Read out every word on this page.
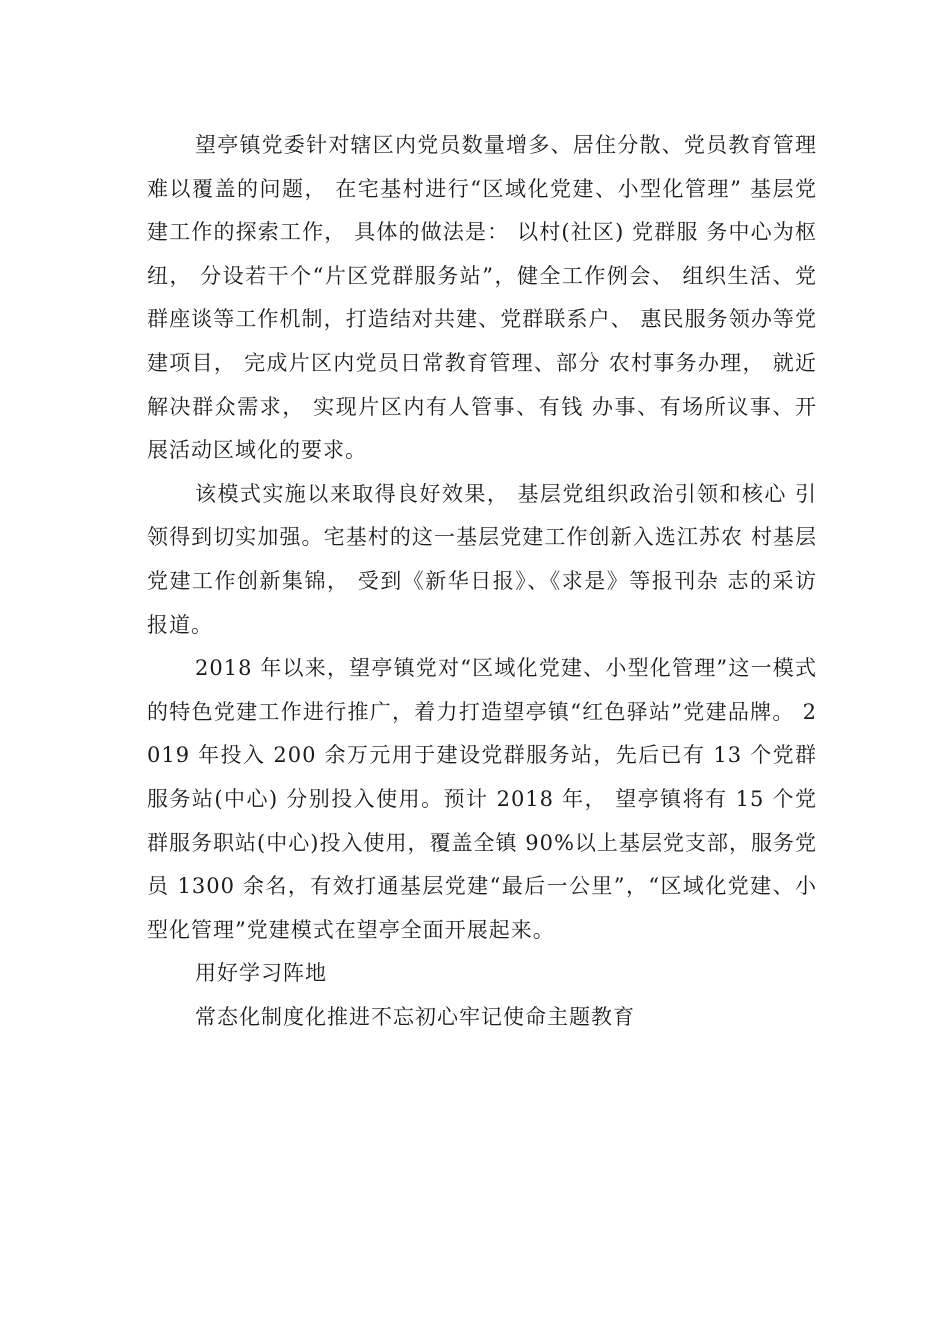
望亭镇党委针对辖区内党员数量增多、居住分散、党员教育管理难以覆盖的问题， 在宅基村进行“区域化党建、小型化管理” 基层党建工作的探索工作， 具体的做法是： 以村(社区) 党群服 务中心为枢纽， 分设若干个“片区党群服务站”，健全工作例会、 组织生活、党群座谈等工作机制，打造结对共建、党群联系户、 惠民服务领办等党建项目， 完成片区内党员日常教育管理、部分 农村事务办理， 就近解决群众需求， 实现片区内有人管事、有钱 办事、有场所议事、开展活动区域化的要求。

该模式实施以来取得良好效果， 基层党组织政治引领和核心 引领得到切实加强。宅基村的这一基层党建工作创新入选江苏农 村基层党建工作创新集锦， 受到《新华日报》、《求是》等报刊杂 志的采访报道。

2018 年以来，望亭镇党对“区域化党建、小型化管理”这一模式的特色党建工作进行推广，着力打造望亭镇“红色驿站”党建品牌。 2019 年投入 200 余万元用于建设党群服务站，先后已有 13 个党群服务站(中心) 分别投入使用。预计 2018 年， 望亭镇将有 15 个党群服务职站(中心)投入使用，覆盖全镇 90%以上基层党支部，服务党员 1300 余名，有效打通基层党建“最后一公里”，“区域化党建、小型化管理”党建模式在望亭全面开展起来。

用好学习阵地

常态化制度化推进不忘初心牢记使命主题教育
